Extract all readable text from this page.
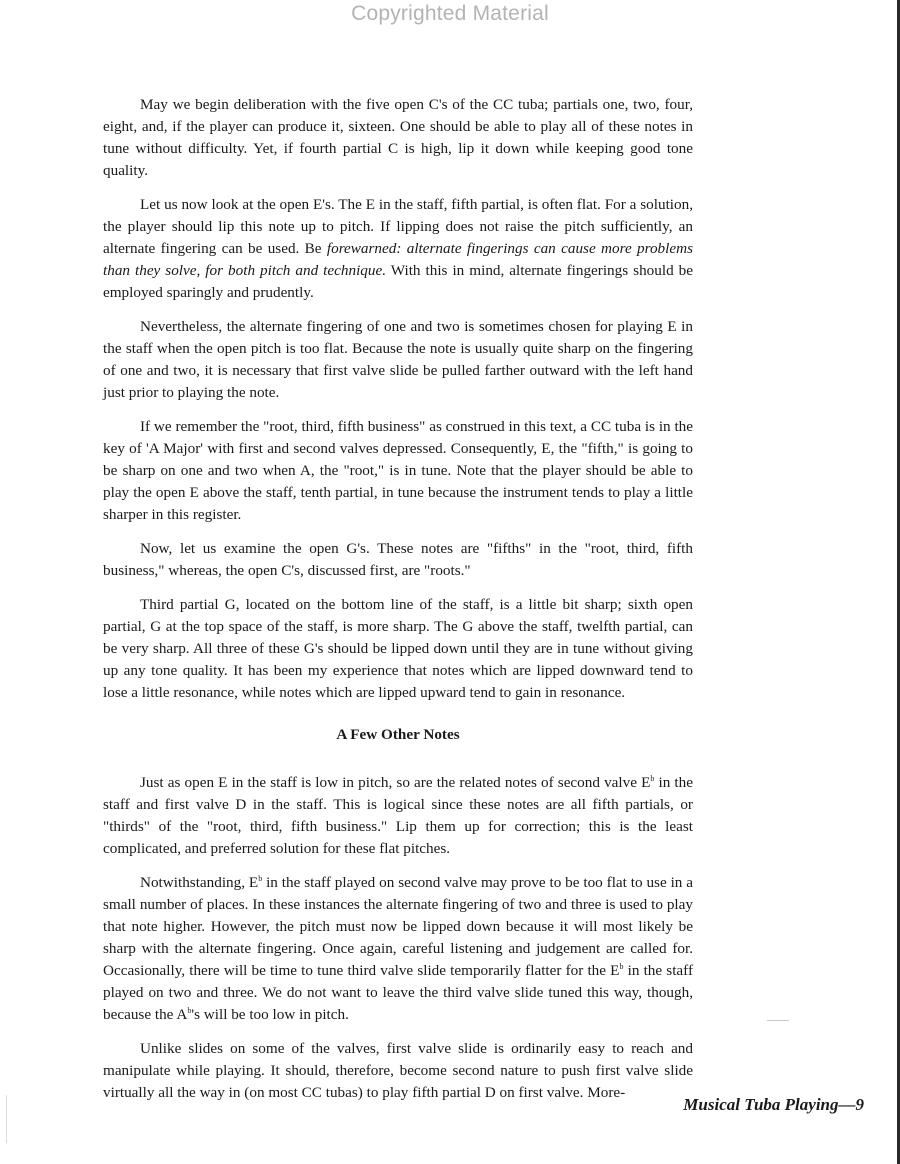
Copyrighted Material

May we begin deliberation with the five open C's of the CC tuba; partials one, two, four, eight, and, if the player can produce it, sixteen. One should be able to play all of these notes in tune without difficulty. Yet, if fourth partial C is high, lip it down while keeping good tone quality.

Let us now look at the open E's. The E in the staff, fifth partial, is often flat. For a solution, the player should lip this note up to pitch. If lipping does not raise the pitch sufficiently, an alternate fingering can be used. Be forewarned: alternate fingerings can cause more problems than they solve, for both pitch and technique. With this in mind, alternate fingerings should be employed sparingly and prudently.

Nevertheless, the alternate fingering of one and two is sometimes chosen for playing E in the staff when the open pitch is too flat. Because the note is usually quite sharp on the fingering of one and two, it is necessary that first valve slide be pulled farther outward with the left hand just prior to playing the note.

If we remember the "root, third, fifth business" as construed in this text, a CC tuba is in the key of 'A Major' with first and second valves depressed. Consequently, E, the "fifth," is going to be sharp on one and two when A, the "root," is in tune. Note that the player should be able to play the open E above the staff, tenth partial, in tune because the instrument tends to play a little sharper in this register.

Now, let us examine the open G's. These notes are "fifths" in the "root, third, fifth business," whereas, the open C's, discussed first, are "roots."

Third partial G, located on the bottom line of the staff, is a little bit sharp; sixth open partial, G at the top space of the staff, is more sharp. The G above the staff, twelfth partial, can be very sharp. All three of these G's should be lipped down until they are in tune without giving up any tone quality. It has been my experience that notes which are lipped downward tend to lose a little resonance, while notes which are lipped upward tend to gain in resonance.

A Few Other Notes

Just as open E in the staff is low in pitch, so are the related notes of second valve $E^b$ in the staff and first valve D in the staff. This is logical since these notes are all fifth partials, or "thirds" of the "root, third, fifth business." Lip them up for correction; this is the least complicated, and preferred solution for these flat pitches.

Notwithstanding, $E^b$ in the staff played on second valve may prove to be too flat to use in a small number of places. In these instances the alternate fingering of two and three is used to play that note higher. However, the pitch must now be lipped down because it will most likely be sharp with the alternate fingering. Once again, careful listening and judgement are called for. Occasionally, there will be time to tune third valve slide temporarily flatter for the $E^b$ in the staff played on two and three. We do not want to leave the third valve slide tuned this way, though, because the $A^b's$ will be too low in pitch.

Unlike slides on some of the valves, first valve slide is ordinarily easy to reach and manipulate while playing. It should, therefore, become second nature to push first valve slide virtually all the way in (on most CC tubas) to play fifth partial D on first valve. More-

Musical Tuba Playing—9
